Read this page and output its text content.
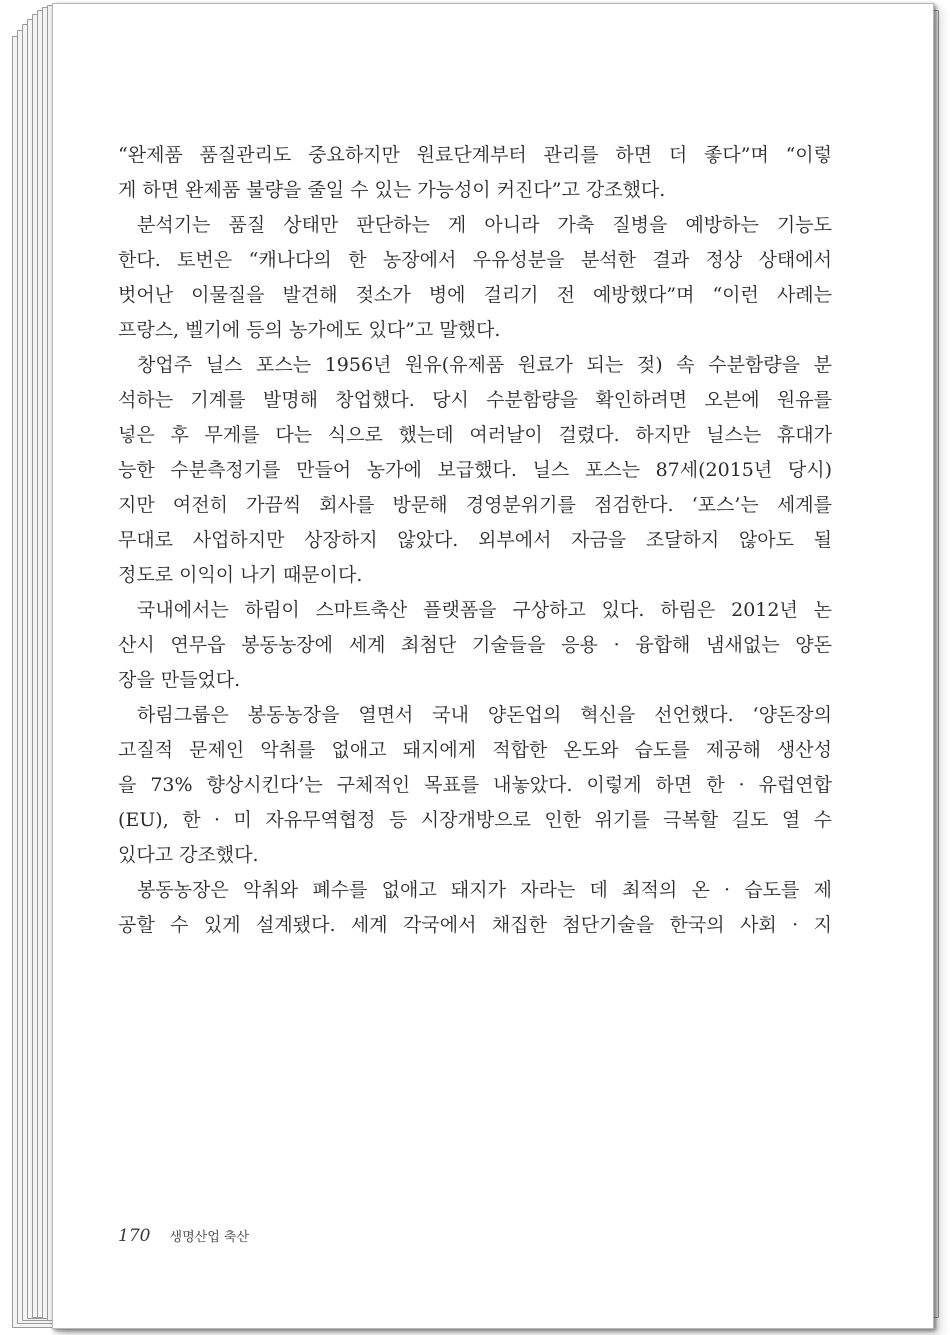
“완제품 품질관리도 중요하지만 원료단계부터 관리를 하면 더 좋다”며 “이렇
게 하면 완제품 불량을 줄일 수 있는 가능성이 커진다”고 강조했다.
분석기는 품질 상태만 판단하는 게 아니라 가축 질병을 예방하는 기능도
한다. 토번은 “캐나다의 한 농장에서 우유성분을 분석한 결과 정상 상태에서
벗어난 이물질을 발견해 젖소가 병에 걸리기 전 예방했다”며 “이런 사례는
프랑스, 벨기에 등의 농가에도 있다”고 말했다.
창업주 닐스 포스는 1956년 원유(유제품 원료가 되는 젖) 속 수분함량을 분
석하는 기계를 발명해 창업했다. 당시 수분함량을 확인하려면 오븐에 원유를
넣은 후 무게를 다는 식으로 했는데 여러날이 걸렸다. 하지만 닐스는 휴대가
능한 수분측정기를 만들어 농가에 보급했다. 닐스 포스는 87세(2015년 당시)
지만 여전히 가끔씩 회사를 방문해 경영분위기를 점검한다. ‘포스’는 세계를
무대로 사업하지만 상장하지 않았다. 외부에서 자금을 조달하지 않아도 될
정도로 이익이 나기 때문이다.
국내에서는 하림이 스마트축산 플랫폼을 구상하고 있다. 하림은 2012년 논
산시 연무읍 봉동농장에 세계 최첨단 기술들을 응용 · 융합해 냄새없는 양돈
장을 만들었다.
하림그룹은 봉동농장을 열면서 국내 양돈업의 혁신을 선언했다. ‘양돈장의
고질적 문제인 악취를 없애고 돼지에게 적합한 온도와 습도를 제공해 생산성
을 73% 향상시킨다’는 구체적인 목표를 내놓았다. 이렇게 하면 한 · 유럽연합
(EU), 한 · 미 자유무역협정 등 시장개방으로 인한 위기를 극복할 길도 열 수
있다고 강조했다.
봉동농장은 악취와 폐수를 없애고 돼지가 자라는 데 최적의 온 · 습도를 제
공할 수 있게 설계됐다. 세계 각국에서 채집한 첨단기술을 한국의 사회 · 지
170 생명산업 축산
